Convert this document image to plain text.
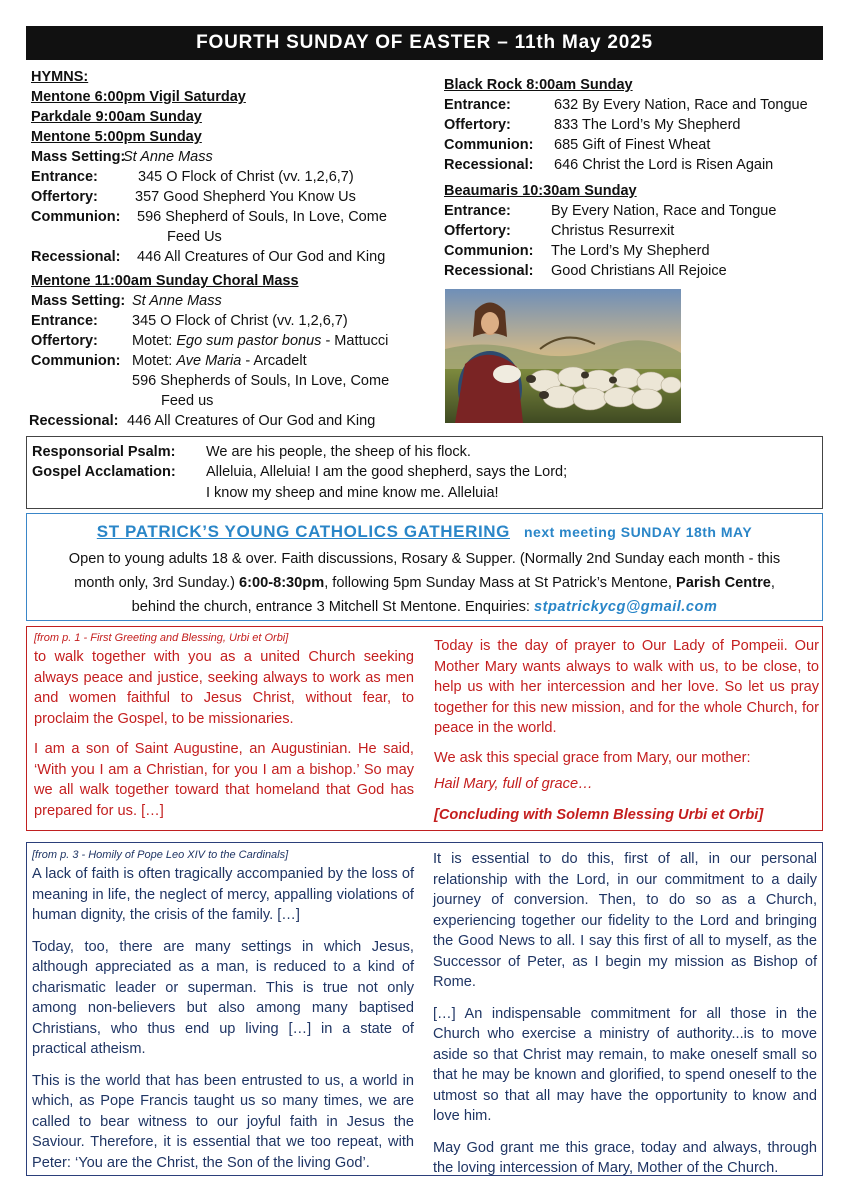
FOURTH SUNDAY OF EASTER – 11th May 2025
HYMNS:
Mentone 6:00pm Vigil Saturday
Parkdale 9:00am Sunday
Mentone 5:00pm Sunday
Mass Setting:St Anne Mass
Entrance:	345 O Flock of Christ (vv. 1,2,6,7)
Offertory:	357 Good Shepherd You Know Us
Communion: 596 Shepherd of Souls, In Love, Come
Feed Us
Recessional: 446 All Creatures of Our God and King
Mentone 11:00am Sunday Choral Mass
Mass Setting: St Anne Mass
Entrance: 345 O Flock of Christ (vv. 1,2,6,7)
Offertory: Motet: Ego sum pastor bonus - Mattucci
Communion: Motet: Ave Maria - Arcadelt
596 Shepherds of Souls, In Love, Come
Feed us
Recessional: 446 All Creatures of Our God and King
Black Rock 8:00am Sunday
Entrance:	632 By Every Nation, Race and Tongue
Offertory:	833 The Lord’s My Shepherd
Communion: 685 Gift of Finest Wheat
Recessional: 646 Christ the Lord is Risen Again
Beaumaris 10:30am Sunday
Entrance:	By Every Nation, Race and Tongue
Offertory:	Christus Resurrexit
Communion: The Lord’s My Shepherd
Recessional: Good Christians All Rejoice
Responsorial Psalm: We are his people, the sheep of his flock.
Gospel Acclamation: Alleluia, Alleluia! I am the good shepherd, says the Lord;
I know my sheep and mine know me. Alleluia!
ST PATRICK’S YOUNG CATHOLICS GATHERING next meeting SUNDAY 18th MAY
Open to young adults 18 & over. Faith discussions, Rosary & Supper. (Normally 2nd Sunday each month - this
month only, 3rd Sunday.) 6:00-8:30pm, following 5pm Sunday Mass at St Patrick’s Mentone, Parish Centre,
behind the church, entrance 3 Mitchell St Mentone. Enquiries: stpatrickycg@gmail.com
[from p. 1 - First Greeting and Blessing, Urbi et Orbi]
to walk together with you as a united Church seeking always peace and justice, seeking always to work as men and women faithful to Jesus Christ, without fear, to proclaim the Gospel, to be missionaries.
I am a son of Saint Augustine, an Augustinian. He said, ‘With you I am a Christian, for you I am a bishop.’ So may we all walk together toward that homeland that God has prepared for us. […]
Today is the day of prayer to Our Lady of Pompeii. Our Mother Mary wants always to walk with us, to be close, to help us with her intercession and her love. So let us pray together for this new mission, and for the whole Church, for peace in the world.
We ask this special grace from Mary, our mother:
Hail Mary, full of grace…
[Concluding with Solemn Blessing Urbi et Orbi]
[from p. 3 - Homily of Pope Leo XIV to the Cardinals]
A lack of faith is often tragically accompanied by the loss of meaning in life, the neglect of mercy, appalling violations of human dignity, the crisis of the family. […]
Today, too, there are many settings in which Jesus, although appreciated as a man, is reduced to a kind of charismatic leader or superman. This is true not only among non-believers but also among many baptised Christians, who thus end up living […] in a state of practical atheism.
This is the world that has been entrusted to us, a world in which, as Pope Francis taught us so many times, we are called to bear witness to our joyful faith in Jesus the Saviour. Therefore, it is essential that we too repeat, with Peter: ‘You are the Christ, the Son of the living God’.
It is essential to do this, first of all, in our personal relationship with the Lord, in our commitment to a daily journey of conversion. Then, to do so as a Church, experiencing together our fidelity to the Lord and bringing the Good News to all. I say this first of all to myself, as the Successor of Peter, as I begin my mission as Bishop of Rome.
[…] An indispensable commitment for all those in the Church who exercise a ministry of authority...is to move aside so that Christ may remain, to make oneself small so that he may be known and glorified, to spend oneself to the utmost so that all may have the opportunity to know and love him.
May God grant me this grace, today and always, through the loving intercession of Mary, Mother of the Church.
